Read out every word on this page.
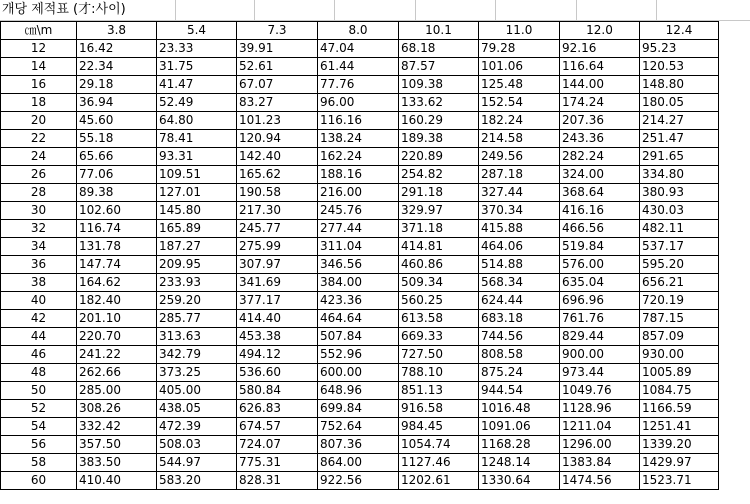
개당 제적표 (才:사이)
㎝\m	3.8	5.4	7.3	8.0	10.1	11.0	12.0	12.4
12	16.42	23.33	39.91	47.04	68.18	79.28	92.16	95.23
14	22.34	31.75	52.61	61.44	87.57	101.06	116.64	120.53
16	29.18	41.47	67.07	77.76	109.38	125.48	144.00	148.80
18	36.94	52.49	83.27	96.00	133.62	152.54	174.24	180.05
20	45.60	64.80	101.23	116.16	160.29	182.24	207.36	214.27
22	55.18	78.41	120.94	138.24	189.38	214.58	243.36	251.47
24	65.66	93.31	142.40	162.24	220.89	249.56	282.24	291.65
26	77.06	109.51	165.62	188.16	254.82	287.18	324.00	334.80
28	89.38	127.01	190.58	216.00	291.18	327.44	368.64	380.93
30	102.60	145.80	217.30	245.76	329.97	370.34	416.16	430.03
32	116.74	165.89	245.77	277.44	371.18	415.88	466.56	482.11
34	131.78	187.27	275.99	311.04	414.81	464.06	519.84	537.17
36	147.74	209.95	307.97	346.56	460.86	514.88	576.00	595.20
38	164.62	233.93	341.69	384.00	509.34	568.34	635.04	656.21
40	182.40	259.20	377.17	423.36	560.25	624.44	696.96	720.19
42	201.10	285.77	414.40	464.64	613.58	683.18	761.76	787.15
44	220.70	313.63	453.38	507.84	669.33	744.56	829.44	857.09
46	241.22	342.79	494.12	552.96	727.50	808.58	900.00	930.00
48	262.66	373.25	536.60	600.00	788.10	875.24	973.44	1005.89
50	285.00	405.00	580.84	648.96	851.13	944.54	1049.76	1084.75
52	308.26	438.05	626.83	699.84	916.58	1016.48	1128.96	1166.59
54	332.42	472.39	674.57	752.64	984.45	1091.06	1211.04	1251.41
56	357.50	508.03	724.07	807.36	1054.74	1168.28	1296.00	1339.20
58	383.50	544.97	775.31	864.00	1127.46	1248.14	1383.84	1429.97
60	410.40	583.20	828.31	922.56	1202.61	1330.64	1474.56	1523.71
